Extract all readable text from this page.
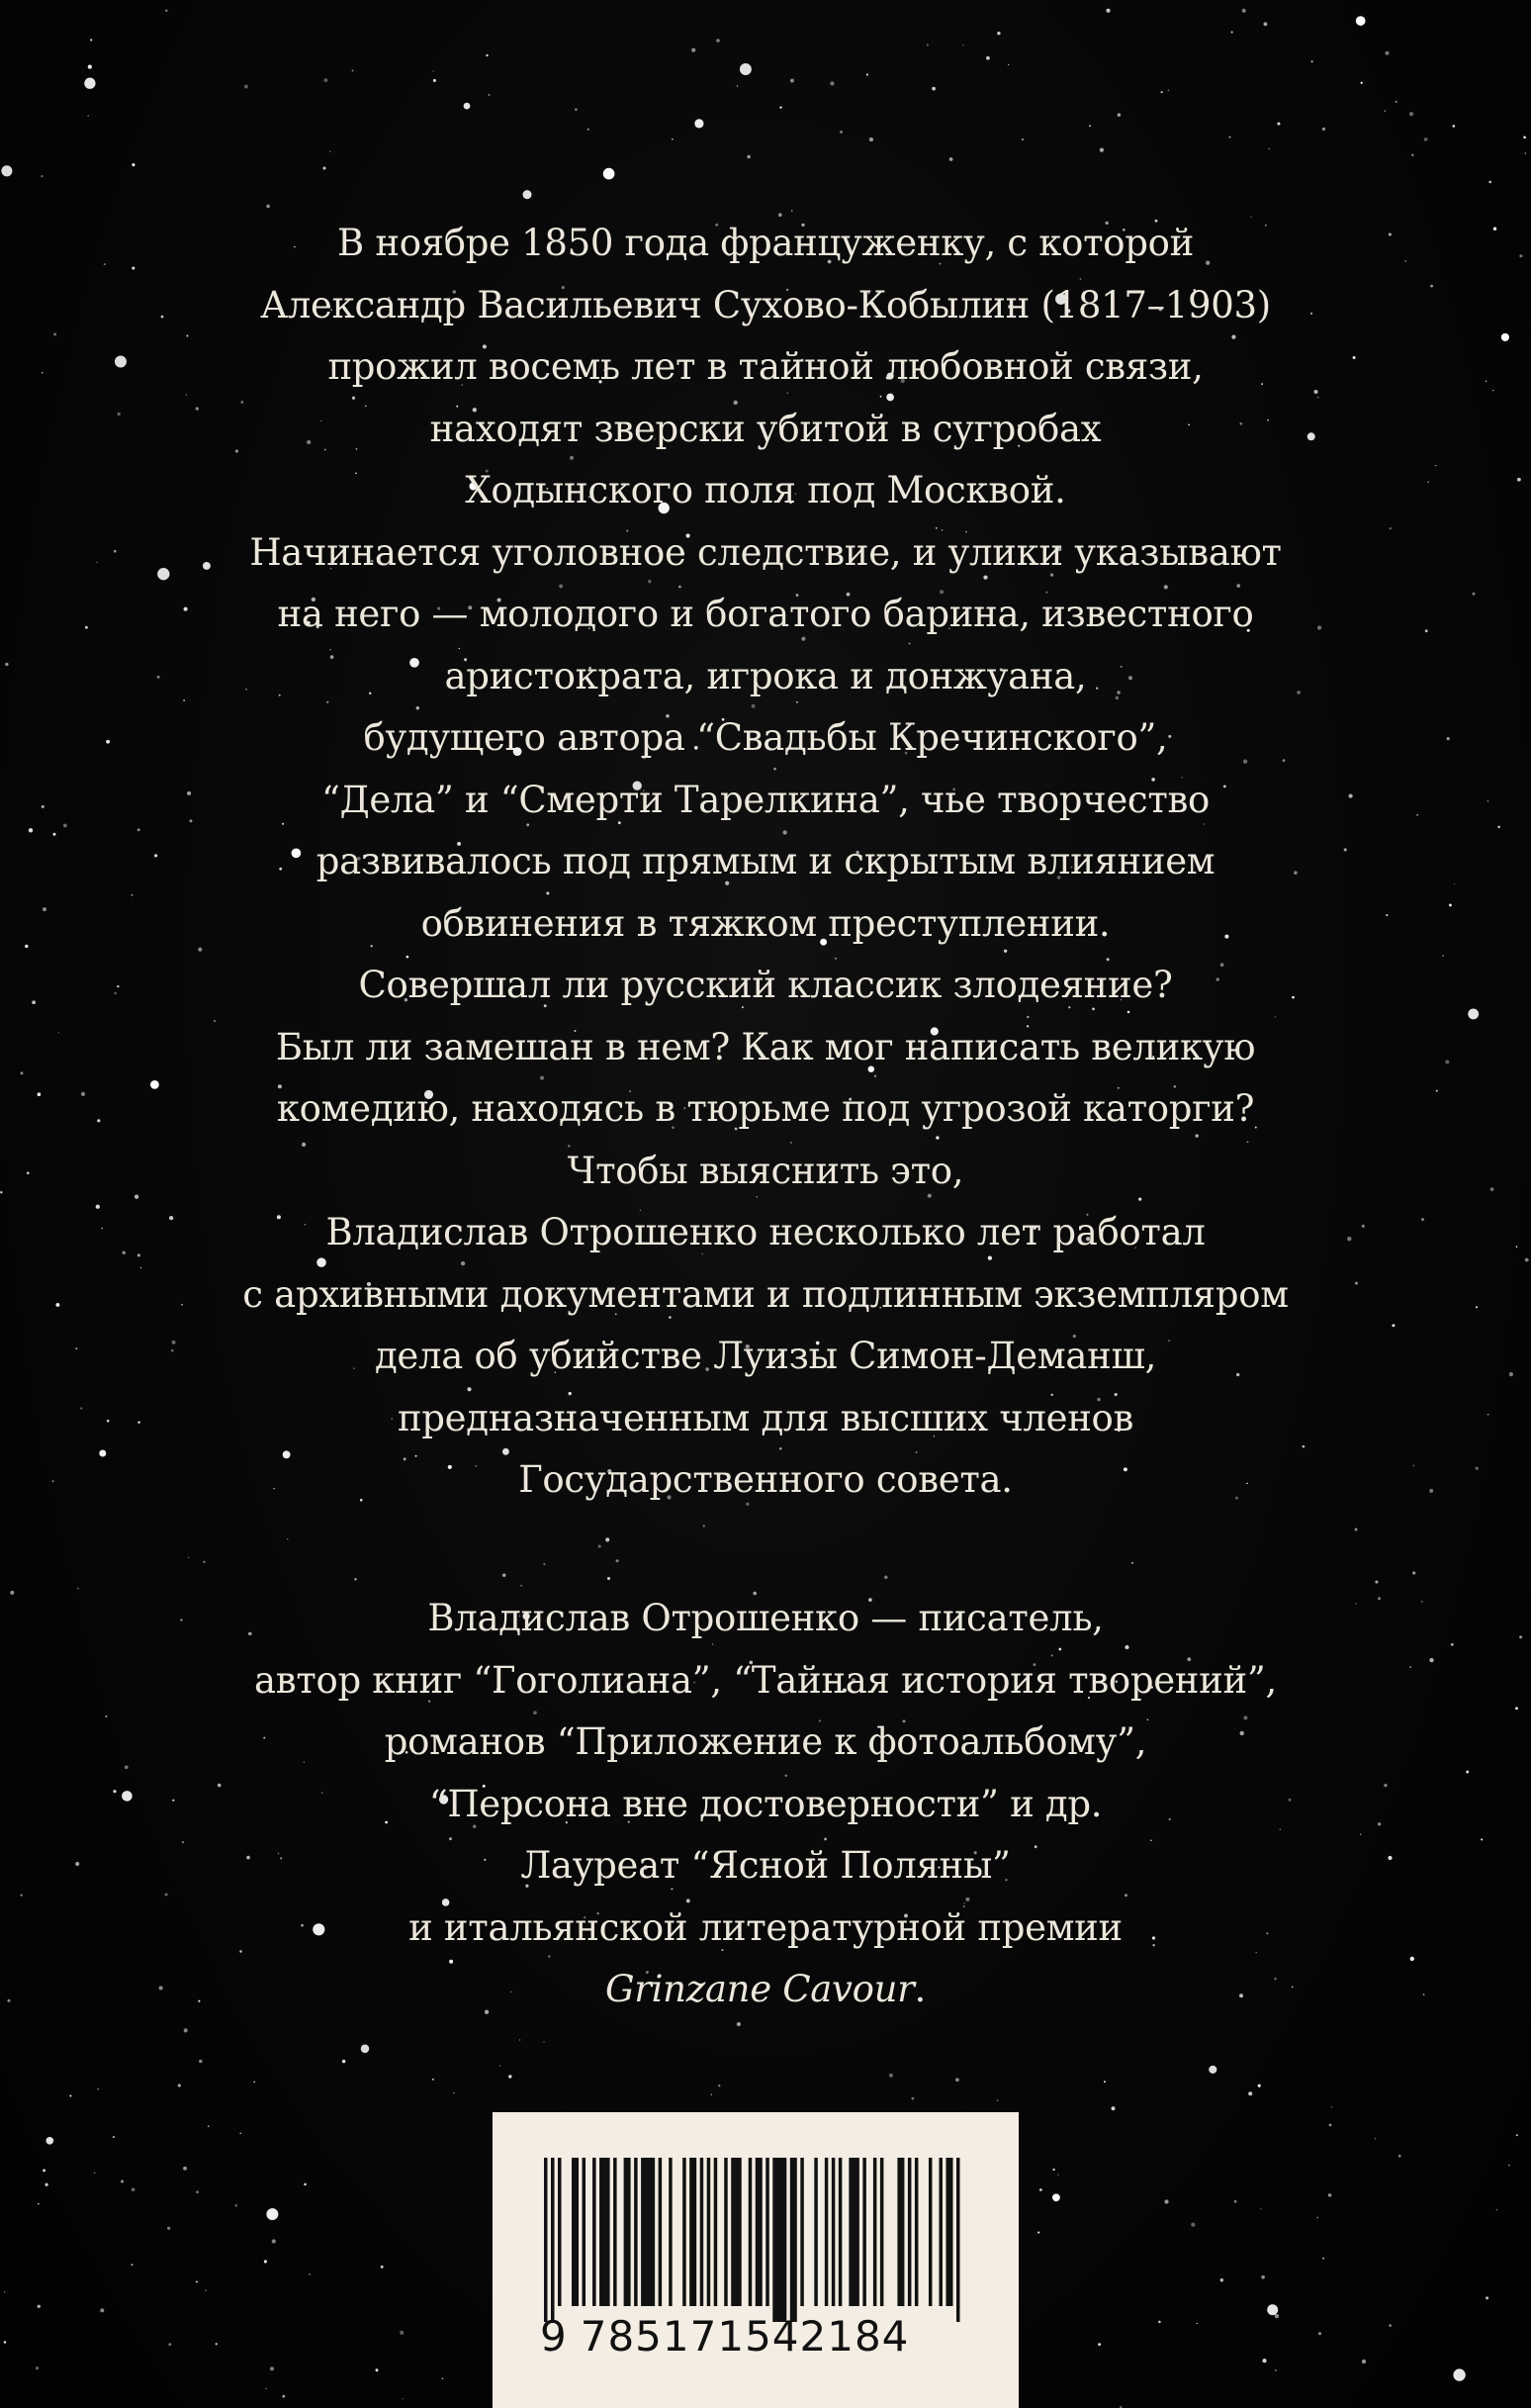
В ноябре 1850 года француженку, с которой
Александр Васильевич Сухово-Кобылин (1817–1903)
прожил восемь лет в тайной любовной связи,
находят зверски убитой в сугробах
Ходынского поля под Москвой.
Начинается уголовное следствие, и улики указывают
на него — молодого и богатого барина, известного
аристократа, игрока и донжуана,
будущего автора “Свадьбы Кречинского”,
“Дела” и “Смерти Тарелкина”, чье творчество
развивалось под прямым и скрытым влиянием
обвинения в тяжком преступлении.
Совершал ли русский классик злодеяние?
Был ли замешан в нем? Как мог написать великую
комедию, находясь в тюрьме под угрозой каторги?
Чтобы выяснить это,
Владислав Отрошенко несколько лет работал
с архивными документами и подлинным экземпляром
дела об убийстве Луизы Симон-Деманш,
предназначенным для высших членов
Государственного совета.
Владислав Отрошенко — писатель,
автор книг “Гоголиана”, “Тайная история творений”,
романов “Приложение к фотоальбому”,
“Персона вне достоверности” и др.
Лауреат “Ясной Поляны”
и итальянской литературной премии
Grinzane Cavour.
9 785171542184
